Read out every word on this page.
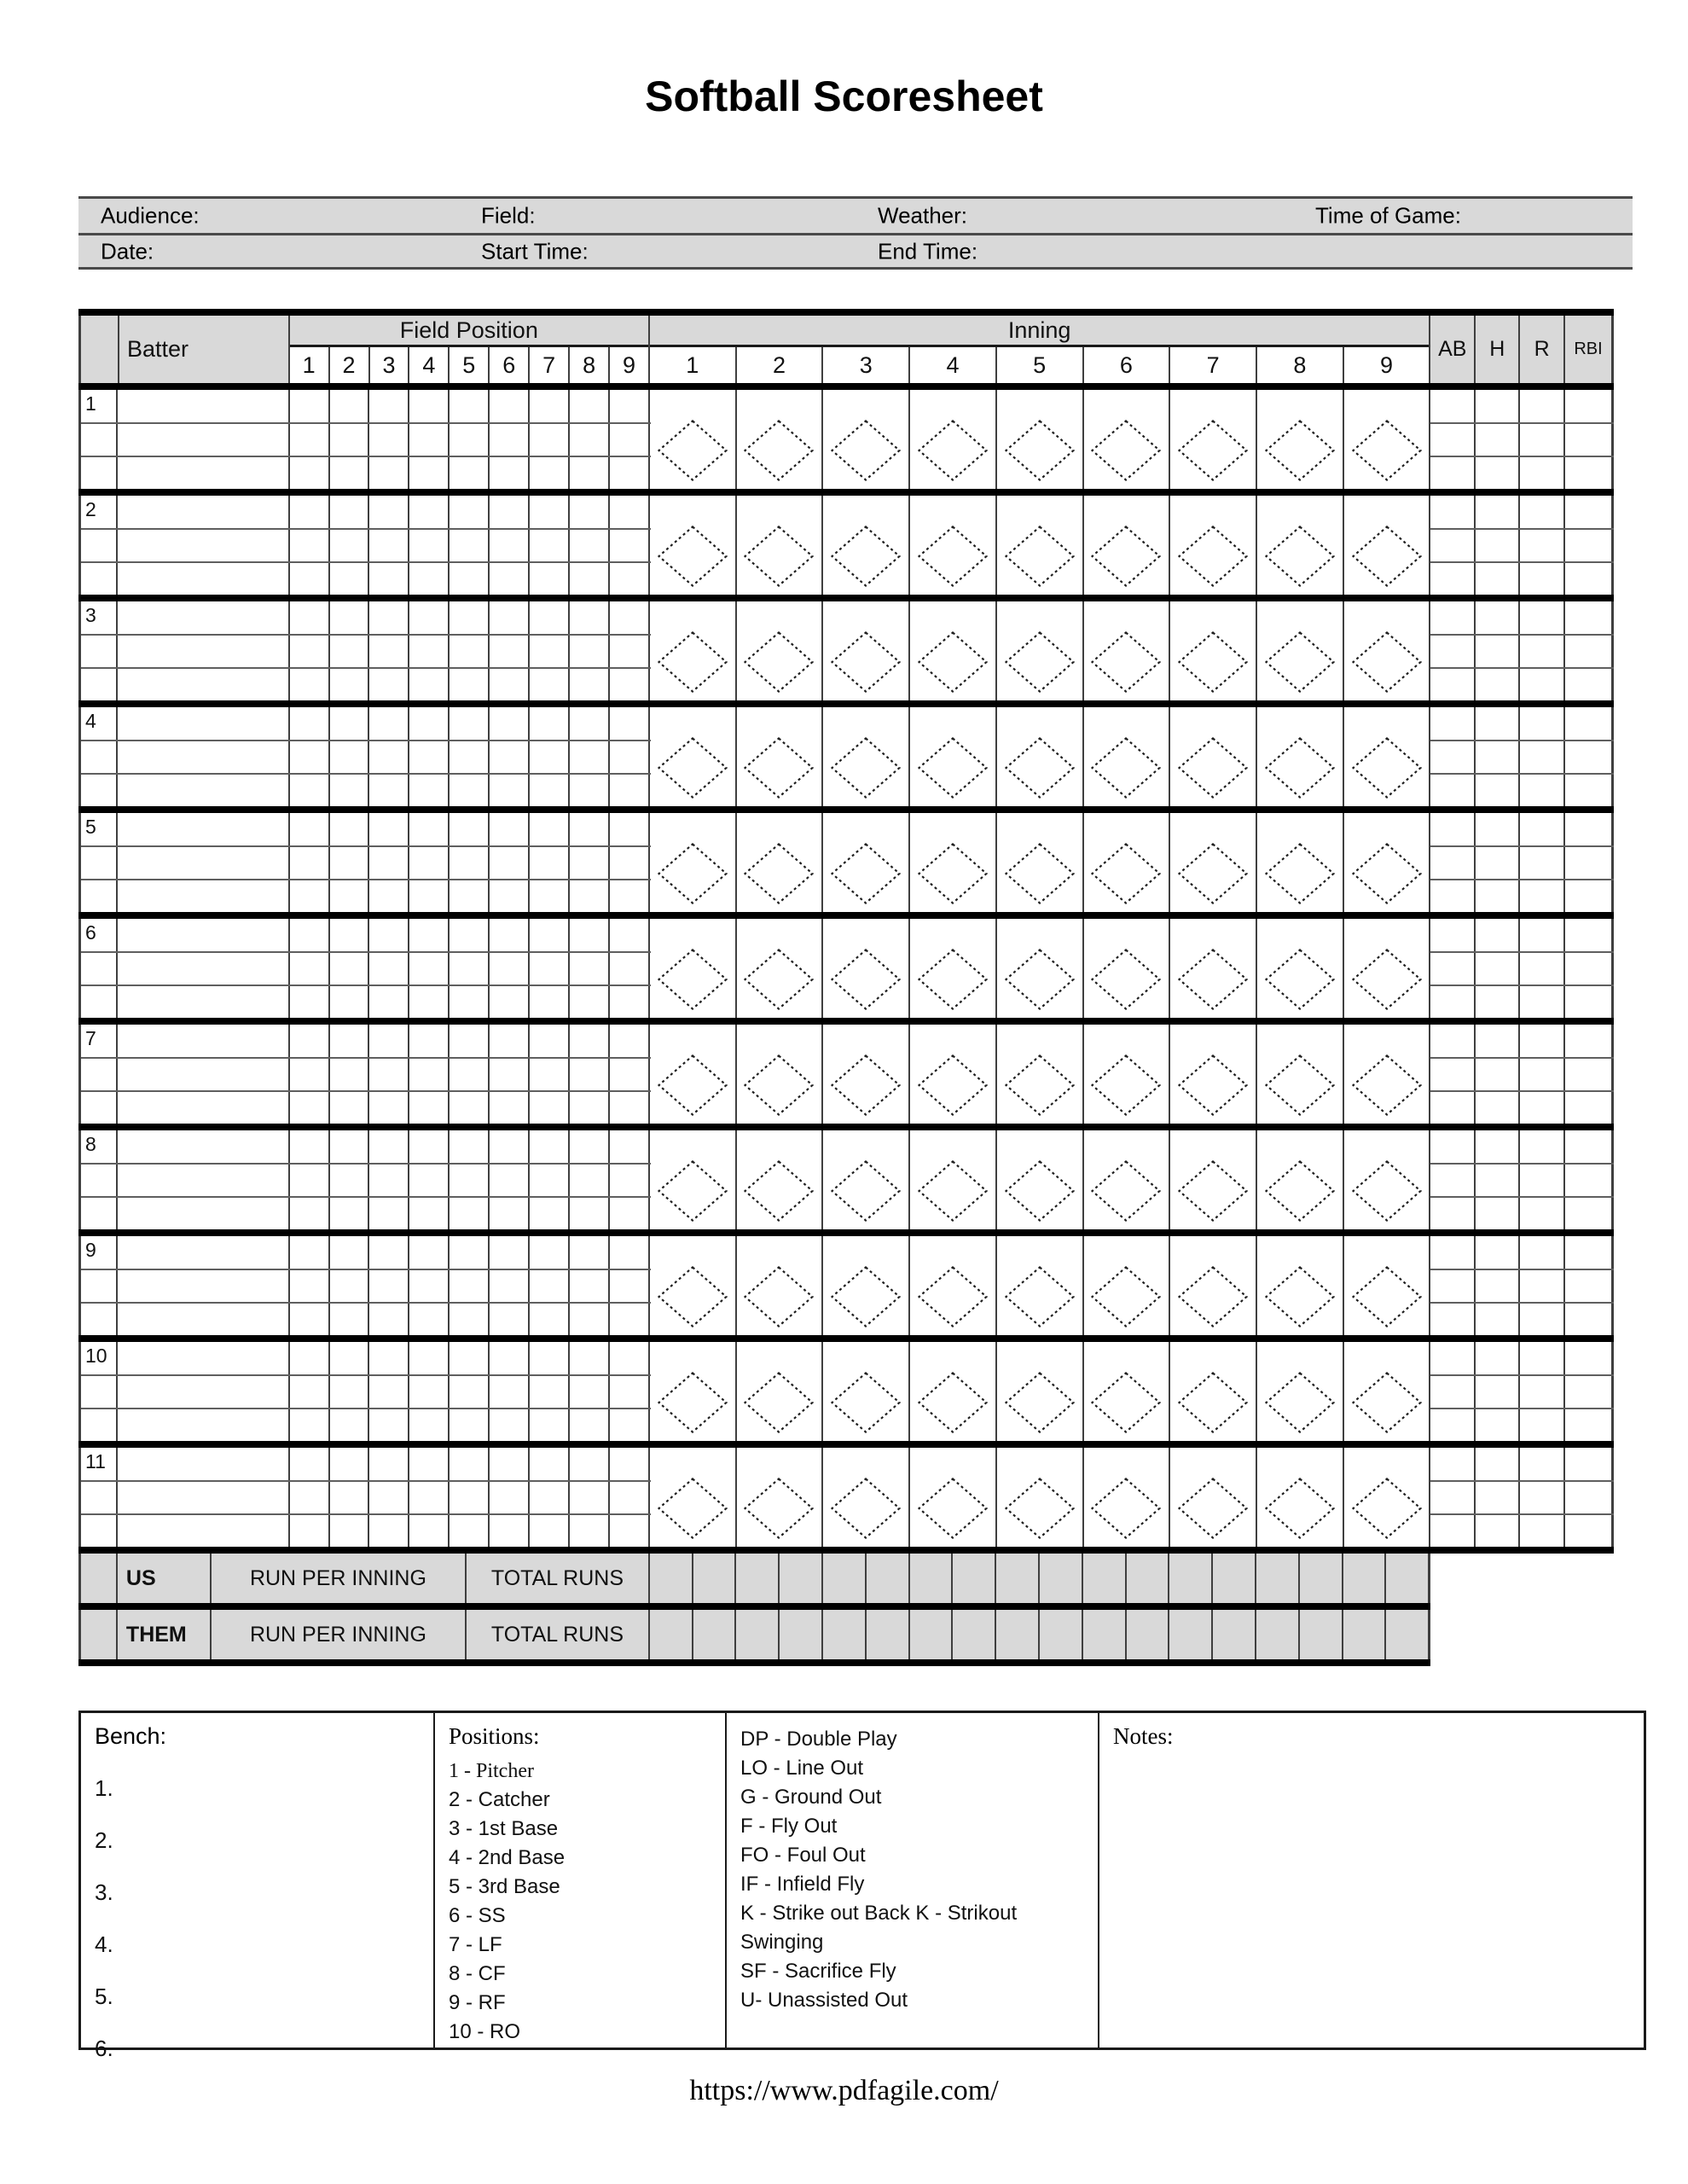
Softball Scoresheet
Audience:	Field:	Weather:	Time of Game:
Date:	Start Time:	End Time:
Batter
Field Position
1	2	3	4	5	6	7	8	9
Inning
1	2	3	4	5	6	7	8	9
AB	H	R	RBI
1
2
3
4
5
6
7
8
9
10
11
US	RUN PER INNING	TOTAL RUNS
THEM	RUN PER INNING	TOTAL RUNS
Bench:
1.
2.
3.
4.
5.
6.
Positions:
1 - Pitcher
2 - Catcher
3 - 1st Base
4 - 2nd Base
5 - 3rd Base
6 - SS
7 - LF
8 - CF
9 - RF
10 - RO
DP - Double Play
LO - Line Out
G - Ground Out
F - Fly Out
FO - Foul Out
IF - Infield Fly
K - Strike out Back K - Strikout Swinging
SF - Sacrifice Fly
U- Unassisted Out
Notes:
https://www.pdfagile.com/
